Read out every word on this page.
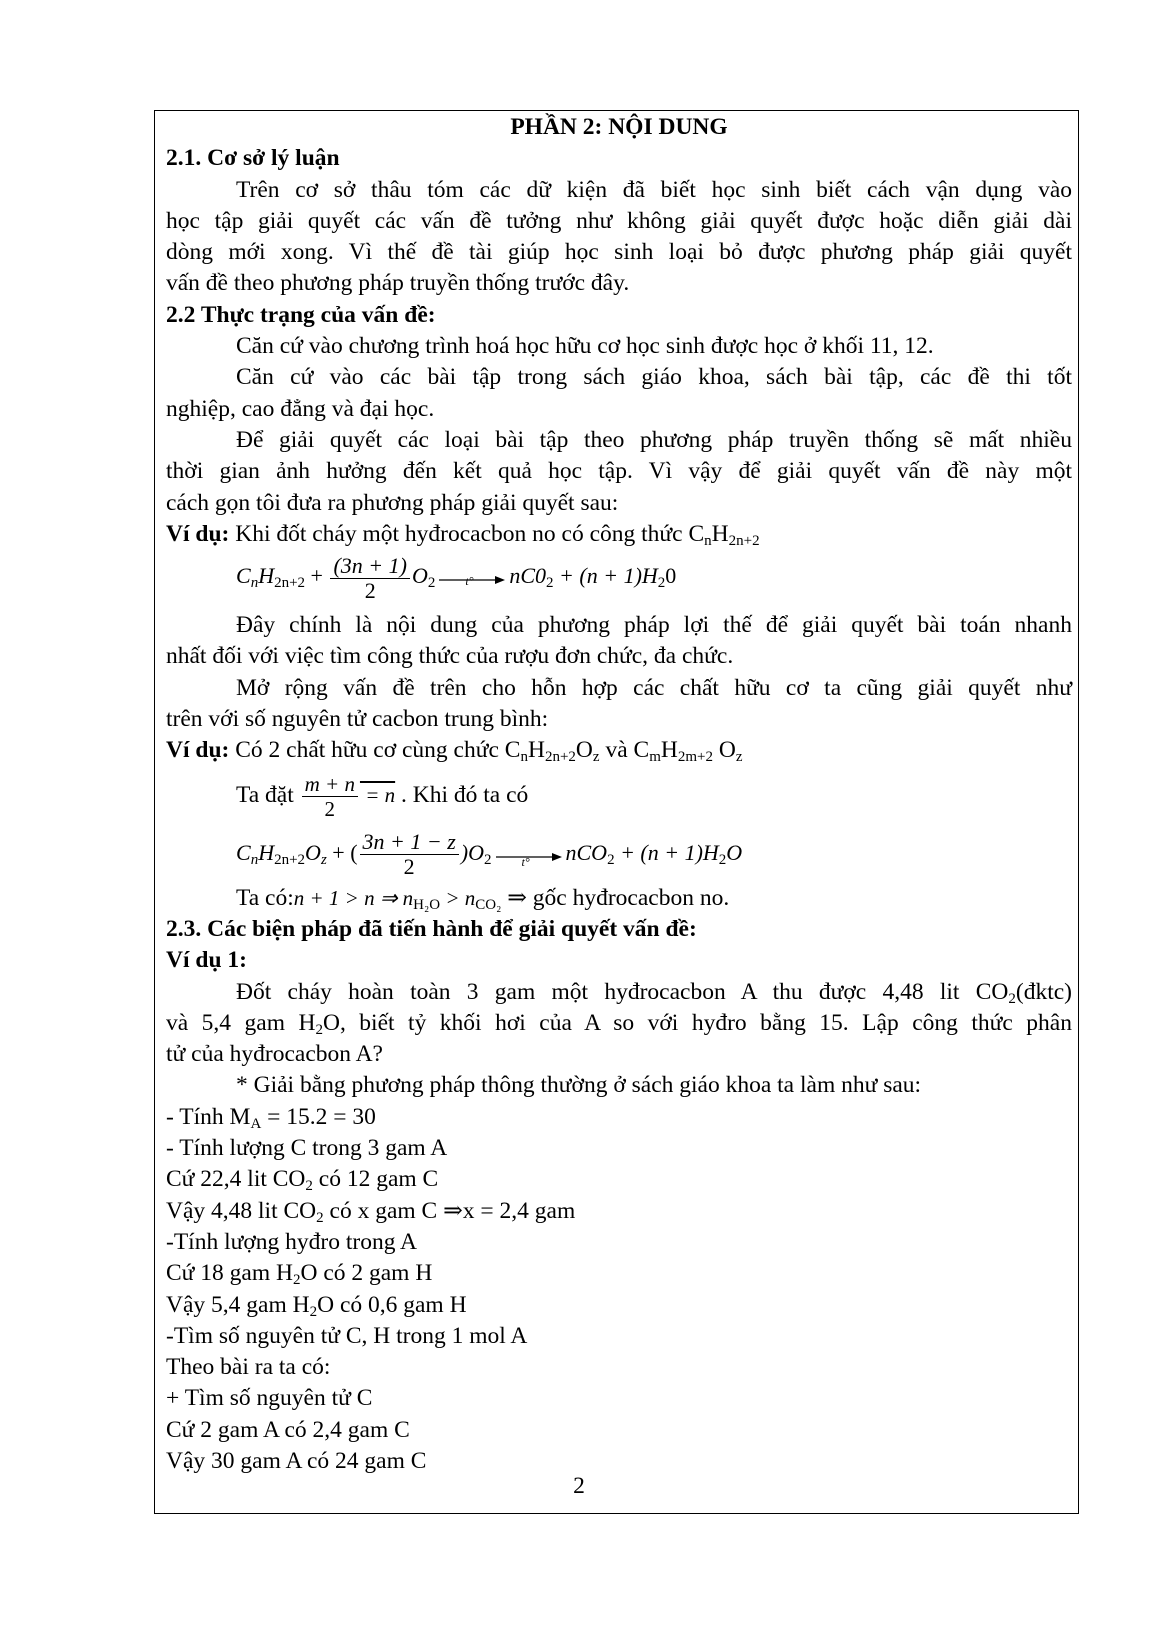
PHẦN 2: NỘI DUNG
2.1. Cơ sở lý luận
Trên cơ sở thâu tóm các dữ kiện đã biết học sinh biết cách vận dụng vào
học tập giải quyết các vấn đề tưởng như không giải quyết được hoặc diễn giải dài
dòng mới xong. Vì thế đề tài giúp học sinh loại bỏ được phương pháp giải quyết
vấn đề theo phương pháp truyền thống trước đây.
2.2 Thực trạng của vấn đề:
Căn cứ vào chương trình hoá học hữu cơ học sinh được học ở khối 11, 12.
Căn cứ vào các bài tập trong sách giáo khoa, sách bài tập, các đề thi tốt
nghiệp, cao đẳng và đại học.
Để giải quyết các loại bài tập theo phương pháp truyền thống sẽ mất nhiều
thời gian ảnh hưởng đến kết quả học tập. Vì vậy để giải quyết vấn đề này một
cách gọn tôi đưa ra phương pháp giải quyết sau:
Ví dụ: Khi đốt cháy một hyđrocacbon no có công thức $C_nH_{2n+2}$
$C_nH_{2n+2} + \frac{(3n + 1)}{2} O_2$	t° $nC0_2 + (n + 1)H_20$
Đây chính là nội dung của phương pháp lợi thế để giải quyết bài toán nhanh
nhất đối với việc tìm công thức của rượu đơn chức, đa chức.
Mở rộng vấn đề trên cho hỗn hợp các chất hữu cơ ta cũng giải quyết như
trên với số nguyên tử cacbon trung bình:
Ví dụ: Có 2 chất hữu cơ cùng chức $C_nH_{2n+2}O_z$ và $C_mH_{2m+2}$ $O_z$
Ta đặt $\frac{m + n}{2} = n$ . Khi đó ta có
$C_nH_{2n+2}O_z$ + ( $\frac{3n + 1 - z}{2} )O_2$	t° $nCO_2 + (n + 1)H_2O$
Ta có:n + 1 > n ⇒ $n_{H_2O} > n_{CO_2}$ ⇒ gốc hyđrocacbon no.
2.3. Các biện pháp đã tiến hành để giải quyết vấn đề:
Ví dụ 1:
Đốt cháy hoàn toàn 3 gam một hyđrocacbon A thu được 4,48 lit $CO_2(đktc)$
và 5,4 gam $H_2O$, biết tỷ khối hơi của A so với hyđro bằng 15. Lập công thức phân
tử của hyđrocacbon A?
* Giải bằng phương pháp thông thường ở sách giáo khoa ta làm như sau:
- Tính $M_A = 15.2 = 30$
- Tính lượng C trong 3 gam A
Cứ 22,4 lit $CO_2$ có 12 gam C
Vậy 4,48 lit $CO_2$ có x gam C ⇒x = 2,4 gam
-Tính lượng hyđro trong A
Cứ 18 gam $H_2O$ có 2 gam H
Vậy 5,4 gam $H_2O$ có 0,6 gam H
-Tìm số nguyên tử C, H trong 1 mol A
Theo bài ra ta có:
+ Tìm số nguyên tử C
Cứ 2 gam A có 2,4 gam C
Vậy 30 gam A có 24 gam C
2
